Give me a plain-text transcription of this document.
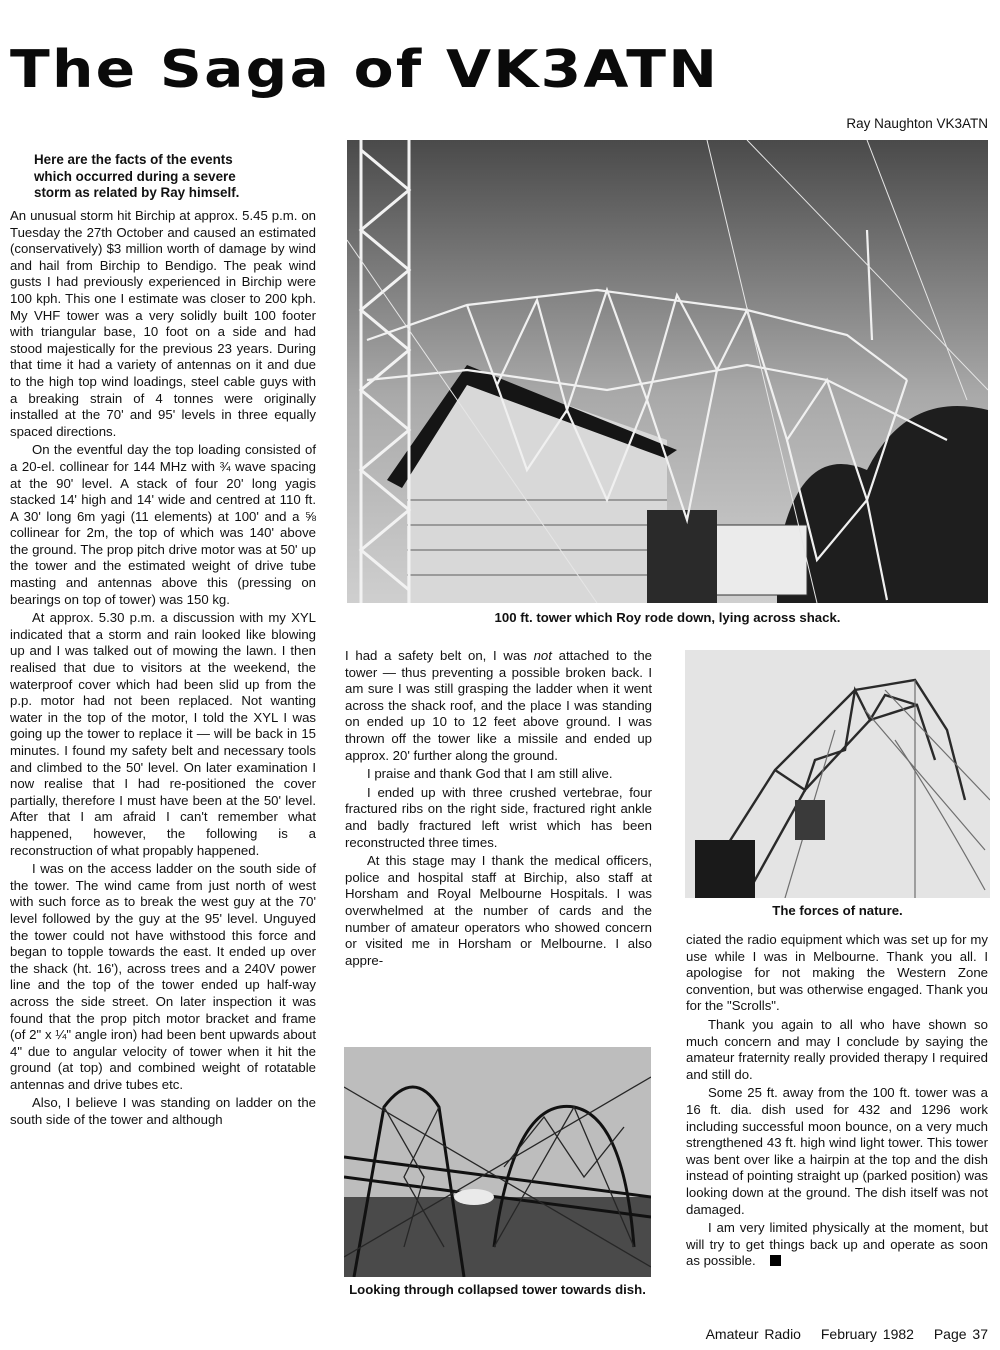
The Saga of VK3ATN
Ray Naughton VK3ATN
Here are the facts of the events which occurred during a severe storm as related by Ray himself.

An unusual storm hit Birchip at approx. 5.45 p.m. on Tuesday the 27th October and caused an estimated (conservatively) $3 million worth of damage by wind and hail from Birchip to Bendigo. The peak wind gusts I had previously experienced in Birchip were 100 kph. This one I estimate was closer to 200 kph. My VHF tower was a very solidly built 100 footer with triangular base, 10 foot on a side and had stood majestically for the previous 23 years. During that time it had a variety of antennas on it and due to the high top wind loadings, steel cable guys with a breaking strain of 4 tonnes were originally installed at the 70' and 95' levels in three equally spaced directions.

On the eventful day the top loading consisted of a 20-el. collinear for 144 MHz with ¾ wave spacing at the 90' level. A stack of four 20' long yagis stacked 14' high and 14' wide and centred at 110 ft. A 30' long 6m yagi (11 elements) at 100' and a ⅝ collinear for 2m, the top of which was 140' above the ground. The prop pitch drive motor was at 50' up the tower and the estimated weight of drive tube masting and antennas above this (pressing on bearings on top of tower) was 150 kg.

At approx. 5.30 p.m. a discussion with my XYL indicated that a storm and rain looked like blowing up and I was talked out of mowing the lawn. I then realised that due to visitors at the weekend, the waterproof cover which had been slid up from the p.p. motor had not been replaced. Not wanting water in the top of the motor, I told the XYL I was going up the tower to replace it — will be back in 15 minutes. I found my safety belt and necessary tools and climbed to the 50' level. On later examination I now realise that I had re-positioned the cover partially, therefore I must have been at the 50' level. After that I am afraid I can't remember what happened, however, the following is a reconstruction of what propably happened.

I was on the access ladder on the south side of the tower. The wind came from just north of west with such force as to break the west guy at the 70' level followed by the guy at the 95' level. Unguyed the tower could not have withstood this force and began to topple towards the east. It ended up over the shack (ht. 16'), across trees and a 240V power line and the top of the tower ended up half-way across the side street. On later inspection it was found that the prop pitch motor bracket and frame (of 2" x ¼" angle iron) had been bent upwards about 4" due to angular velocity of tower when it hit the ground (at top) and combined weight of rotatable antennas and drive tubes etc.

Also, I believe I was standing on ladder on the south side of the tower and although

100 ft. tower which Roy rode down, lying across shack.

I had a safety belt on, I was not attached to the tower — thus preventing a possible broken back. I am sure I was still grasping the ladder when it went across the shack roof, and the place I was standing on ended up 10 to 12 feet above ground. I was thrown off the tower like a missile and ended up approx. 20' further along the ground.

I praise and thank God that I am still alive.

I ended up with three crushed vertebrae, four fractured ribs on the right side, fractured right ankle and badly fractured left wrist which has been reconstructed three times.

At this stage may I thank the medical officers, police and hospital staff at Birchip, also staff at Horsham and Royal Melbourne Hospitals. I was overwhelmed at the number of cards and the number of amateur operators who showed concern or visited me in Horsham or Melbourne. I also appre-

The forces of nature.

ciated the radio equipment which was set up for my use while I was in Melbourne. Thank you all. I apologise for not making the Western Zone convention, but was otherwise engaged. Thank you for the "Scrolls".

Thank you again to all who have shown so much concern and may I conclude by saying the amateur fraternity really provided therapy I required and still do.

Some 25 ft. away from the 100 ft. tower was a 16 ft. dia. dish used for 432 and 1296 work including successful moon bounce, on a very much strengthened 43 ft. high wind light tower. This tower was bent over like a hairpin at the top and the dish instead of pointing straight up (parked position) was looking down at the ground. The dish itself was not damaged.

I am very limited physically at the moment, but will try to get things back up and operate as soon as possible.

Looking through collapsed tower towards dish.
Amateur Radio February 1982 Page 37
